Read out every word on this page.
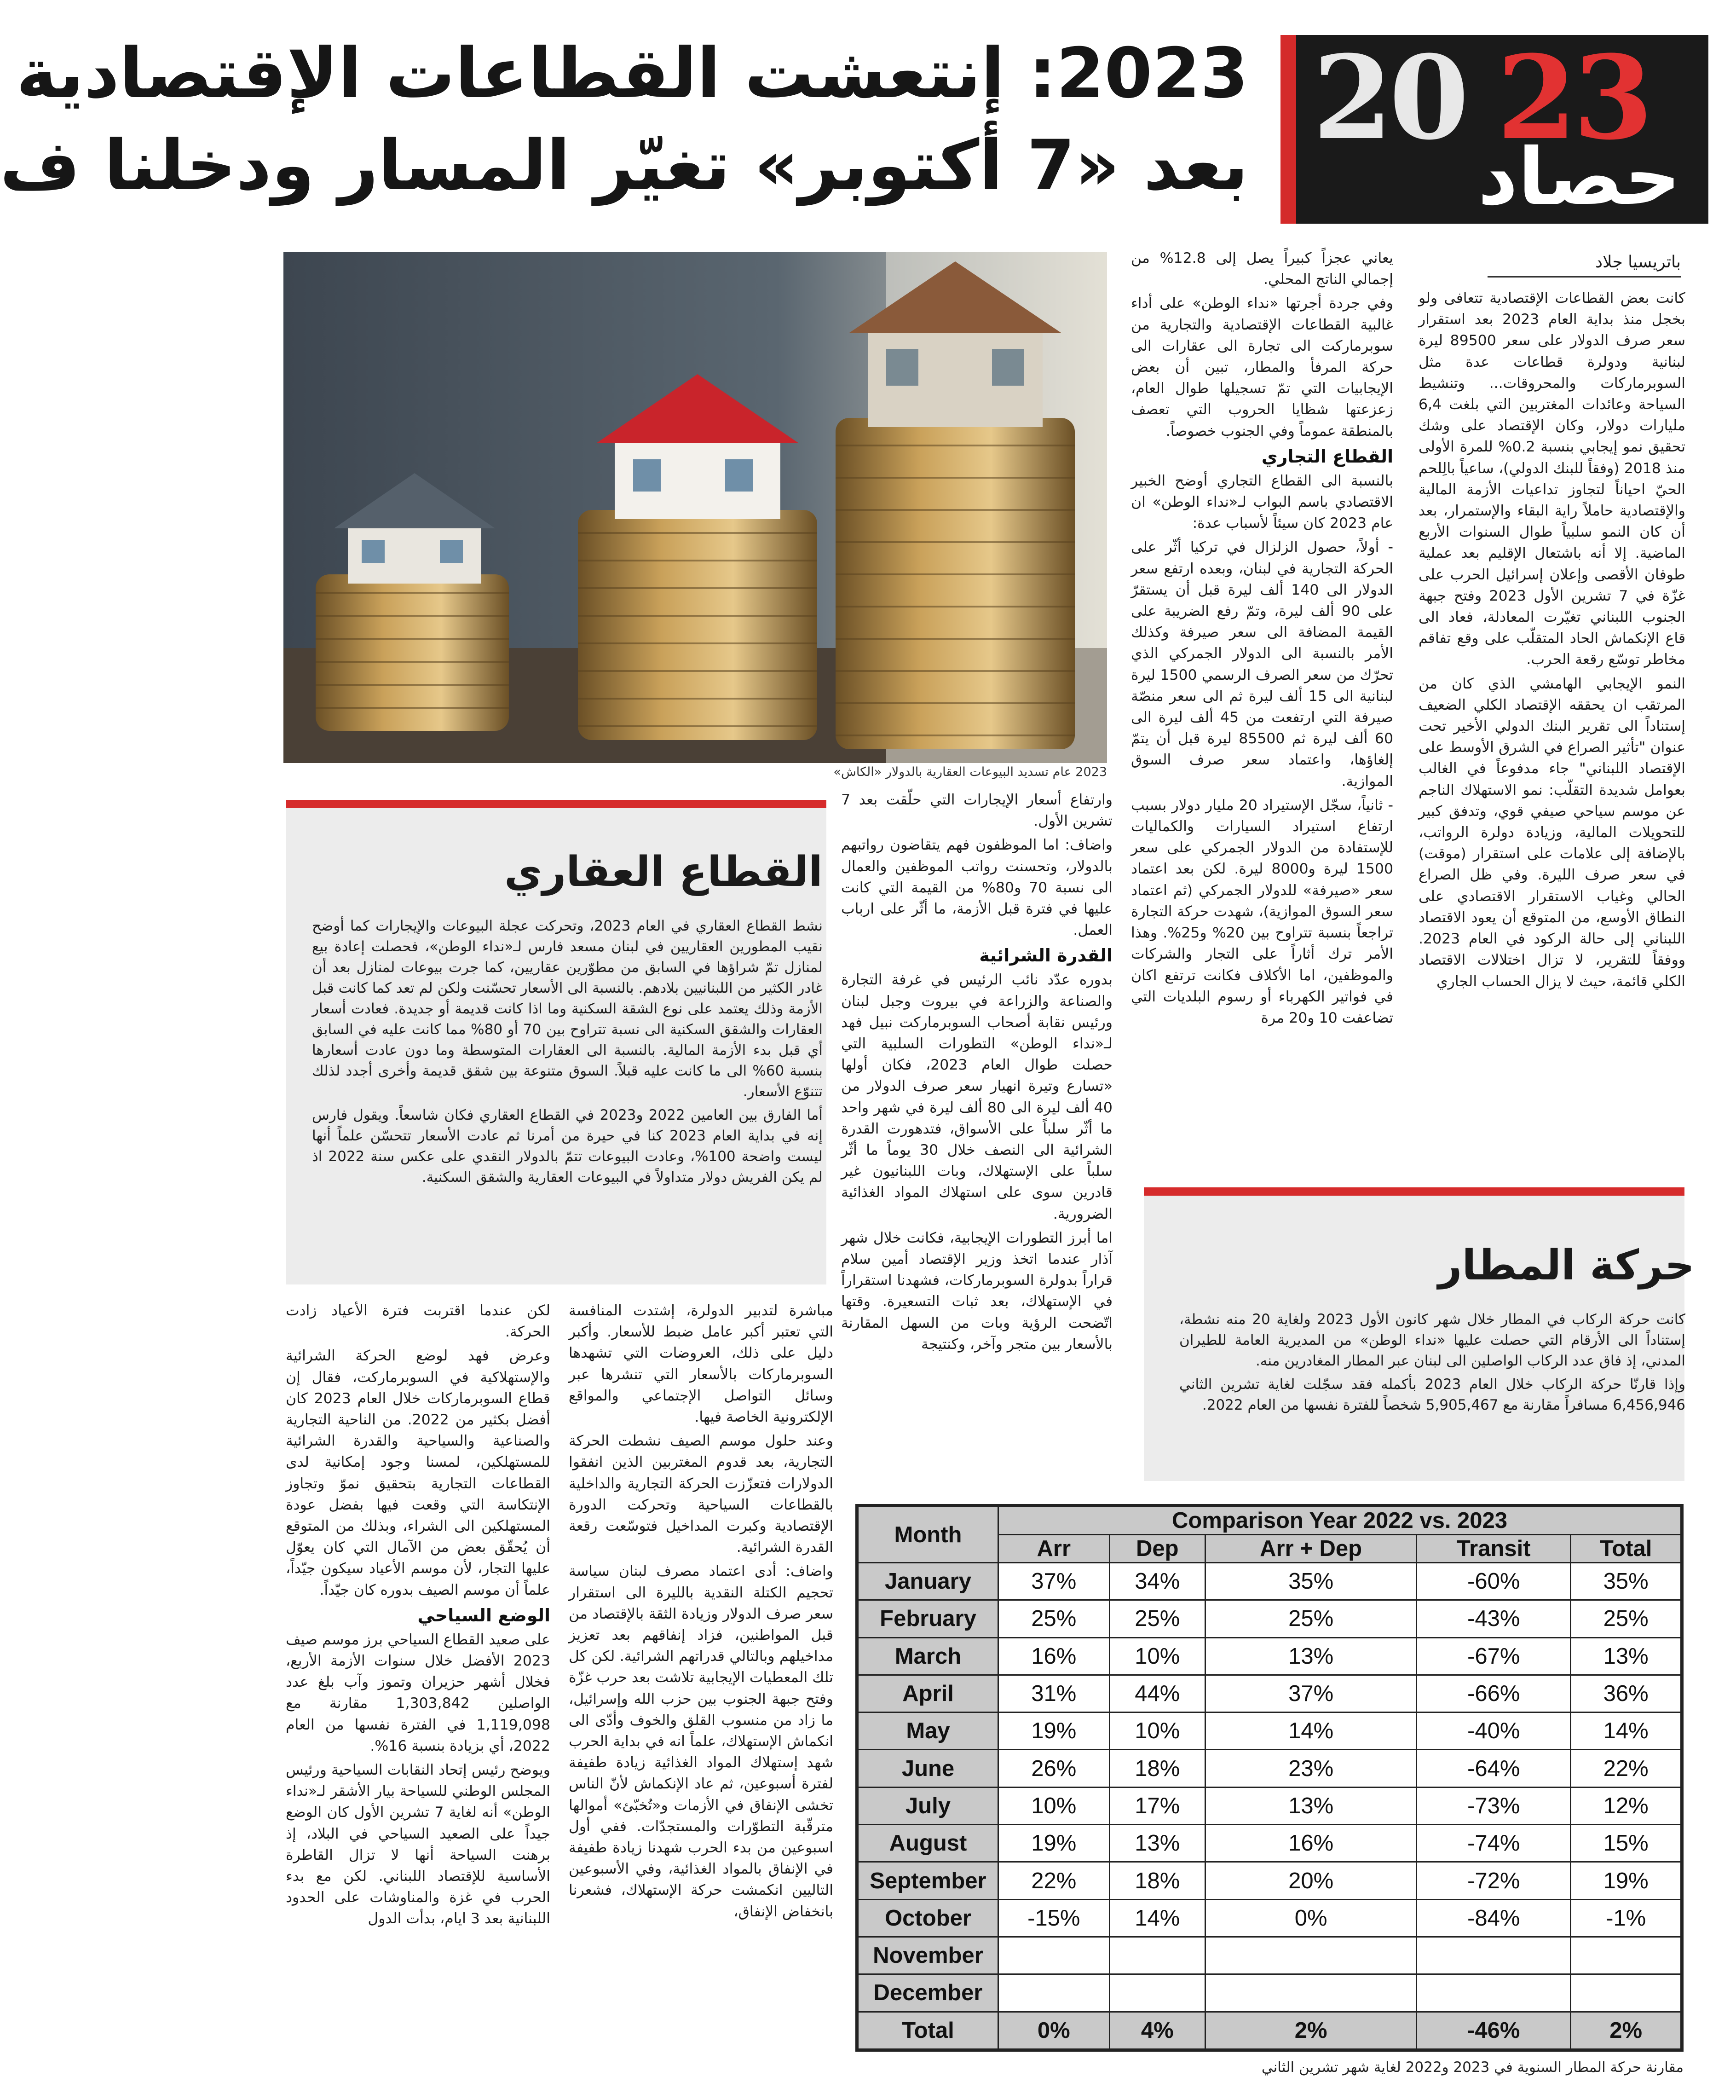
20 23
حصاد
2023: إنتعشت القطاعات الإقتصادية
بعد «7 أكتوبر» تغيّر المسار ودخلنا ف
باتريسيا جلاد

كانت بعض القطاعات الإقتصادية تتعافى ولو بخجل منذ بداية العام 2023 بعد استقرار سعر صرف الدولار على سعر 89500 ليرة لبنانية ودولرة قطاعات عدة مثل السوبرماركات والمحروقات... وتنشيط السياحة وعائدات المغتربين التي بلغت 6,4 مليارات دولار، وكان الإقتصاد على وشك تحقيق نمو إيجابي بنسبة 0.2% للمرة الأولى منذ 2018 (وفقاً للبنك الدولي)، ساعياً بالِلحم الحيّ احياناً لتجاوز تداعيات الأزمة المالية والإقتصادية حاملاً راية البقاء والإستمرار، بعد أن كان النمو سلبياً طوال السنوات الأربع الماضية. إلا أنه باشتعال الإقليم بعد عملية طوفان الأقصى وإعلان إسرائيل الحرب على غزّة في 7 تشرين الأول 2023 وفتح جبهة الجنوب اللبناني تغيّرت المعادلة، فعاد الى قاع الإنكماش الحاد المتقلّب على وقع تفاقم مخاطر توسّع رقعة الحرب.

النمو الإيجابي الهامشي الذي كان من المرتقب ان يحققه الإقتصاد الكلي الضعيف إستناداً الى تقرير البنك الدولي الأخير تحت عنوان "تأثير الصراع في الشرق الأوسط على الإقتصاد اللبناني" جاء مدفوعاً في الغالب بعوامل شديدة التقلّب: نمو الاستهلاك الناجم عن موسم سياحي صيفي قوي، وتدفق كبير للتحويلات المالية، وزيادة دولرة الرواتب، بالإضافة إلى علامات على استقرار (موقت) في سعر صرف الليرة. وفي ظل الصراع الحالي وغياب الاستقرار الاقتصادي على النطاق الأوسع، من المتوقع أن يعود الاقتصاد اللبناني إلى حالة الركود في العام 2023. ووفقاً للتقرير، لا تزال اختلالات الاقتصاد الكلي قائمة، حيث لا يزال الحساب الجاري

يعاني عجزاً كبيراً يصل إلى 12.8% من إجمالي الناتج المحلي.

وفي جردة أجرتها «نداء الوطن» على أداء غالبية القطاعات الإقتصادية والتجارية من سوبرماركت الى تجارة الى عقارات الى حركة المرفأ والمطار، تبين أن بعض الإيجابيات التي تمّ تسجيلها طوال العام، زعزعتها شظايا الحروب التي تعصف بالمنطقة عموماً وفي الجنوب خصوصاً.

القطاع التجاري

بالنسبة الى القطاع التجاري أوضح الخبير الاقتصادي باسم البواب لـ«نداء الوطن» ان عام 2023 كان سيئاً لأسباب عدة:

- أولاً، حصول الزلزال في تركيا أثّر على الحركة التجارية في لبنان، وبعده ارتفع سعر الدولار الى 140 ألف ليرة قبل أن يستقرّ على 90 ألف ليرة، وتمّ رفع الضريبة على القيمة المضافة الى سعر صيرفة وكذلك الأمر بالنسبة الى الدولار الجمركي الذي تحرّك من سعر الصرف الرسمي 1500 ليرة لبنانية الى 15 ألف ليرة ثم الى سعر منصّة صيرفة التي ارتفعت من 45 ألف ليرة الى 60 ألف ليرة ثم 85500 ليرة قبل أن يتمّ إلغاؤها، واعتماد سعر صرف السوق الموازية.

- ثانياً، سجّل الإستيراد 20 مليار دولار بسبب ارتفاع استيراد السيارات والكماليات للإستفادة من الدولار الجمركي على سعر 1500 ليرة و8000 ليرة. لكن بعد اعتماد سعر «صيرفة» للدولار الجمركي (ثم اعتماد سعر السوق الموازية)، شهدت حركة التجارة تراجعاً بنسبة تتراوح بين 20% و25%. وهذا الأمر ترك أثاراً على التجار والشركات والموظفين، اما الأكلاف فكانت ترتفع اكان في فواتير الكهرباء أو رسوم البلديات التي تضاعفت 10 و20 مرة

2023 عام تسديد البيوعات العقارية بالدولار «الكاش»

وارتفاع أسعار الإيجارات التي حلّقت بعد 7 تشرين الأول.

واضاف: اما الموظفون فهم يتقاضون رواتبهم بالدولار، وتحسنت رواتب الموظفين والعمال الى نسبة 70 و80% من القيمة التي كانت عليها في فترة قبل الأزمة، ما أثّر على ارباب العمل.

القدرة الشرائية

بدوره عدّد نائب الرئيس في غرفة التجارة والصناعة والزراعة في بيروت وجبل لبنان ورئيس نقابة أصحاب السوبرماركت نبيل فهد لـ«نداء الوطن» التطورات السلبية التي حصلت طوال العام 2023، فكان أولها «تسارع وتيرة انهيار سعر صرف الدولار من 40 ألف ليرة الى 80 ألف ليرة في شهر واحد ما أثّر سلباً على الأسواق، فتدهورت القدرة الشرائية الى النصف خلال 30 يوماً ما أثّر سلباً على الإستهلاك، وبات اللبنانيون غير قادرين سوى على استهلاك المواد الغذائية الضرورية.

اما أبرز التطورات الإيجابية، فكانت خلال شهر آذار عندما اتخذ وزير الإقتصاد أمين سلام قراراً بدولرة السوبرماركات، فشهدنا استقراراً في الإستهلاك، بعد ثبات التسعيرة. وقتها اتّضحت الرؤية وبات من السهل المقارنة بالأسعار بين متجر وآخر، وكنتيجة

القطاع العقاري

نشط القطاع العقاري في العام 2023، وتحركت عجلة البيوعات والإيجارات كما أوضح نقيب المطورين العقاريين في لبنان مسعد فارس لـ«نداء الوطن»، فحصلت إعادة بيع لمنازل تمّ شراؤها في السابق من مطوّرين عقاريين، كما جرت بيوعات لمنازل بعد أن غادر الكثير من اللبنانيين بلادهم. بالنسبة الى الأسعار تحسّنت ولكن لم تعد كما كانت قبل الأزمة وذلك يعتمد على نوع الشقة السكنية وما اذا كانت قديمة أو جديدة. فعادت أسعار العقارات والشقق السكنية الى نسبة تتراوح بين 70 أو 80% مما كانت عليه في السابق أي قبل بدء الأزمة المالية. بالنسبة الى العقارات المتوسطة وما دون عادت أسعارها بنسبة 60% الى ما كانت عليه قبلاً. السوق متنوعة بين شقق قديمة وأخرى أجدد لذلك تتنوّع الأسعار.

أما الفارق بين العامين 2022 و2023 في القطاع العقاري فكان شاسعاً. ويقول فارس إنه في بداية العام 2023 كنا في حيرة من أمرنا ثم عادت الأسعار تتحسّن علماً أنها ليست واضحة 100%، وعادت البيوعات تتمّ بالدولار النقدي على عكس سنة 2022 اذ لم يكن الفريش دولار متداولاً في البيوعات العقارية والشقق السكنية.

حركة المطار

كانت حركة الركاب في المطار خلال شهر كانون الأول 2023 ولغاية 20 منه نشطة، إستناداً الى الأرقام التي حصلت عليها «نداء الوطن» من المديرية العامة للطيران المدني، إذ فاق عدد الركاب الواصلين الى لبنان عبر المطار المغادرين منه.

وإذا قارنّا حركة الركاب خلال العام 2023 بأكمله فقد سجّلت لغاية تشرين الثاني 6,456,946 مسافراً مقارنة مع 5,905,467 شخصاً للفترة نفسها من العام 2022.

مباشرة لتدبير الدولرة، إشتدت المنافسة التي تعتبر أكبر عامل ضبط للأسعار. وأكبر دليل على ذلك، العروضات التي تشهدها السوبرماركات بالأسعار التي تنشرها عبر وسائل التواصل الإجتماعي والمواقع الإلكترونية الخاصة فيها.

وعند حلول موسم الصيف نشطت الحركة التجارية، بعد قدوم المغتربين الذين انفقوا الدولارات فتعزّزت الحركة التجارية والداخلية بالقطاعات السياحية وتحركت الدورة الإقتصادية وكبرت المداخيل فتوسّعت رقعة القدرة الشرائية.

واضاف: أدى اعتماد مصرف لبنان سياسة تحجيم الكتلة النقدية بالليرة الى استقرار سعر صرف الدولار وزيادة الثقة بالإقتصاد من قبل المواطنين، فزاد إنفاقهم بعد تعزيز مداخيلهم وبالتالي قدراتهم الشرائية. لكن كل تلك المعطيات الإيجابية تلاشت بعد حرب غزّة وفتح جبهة الجنوب بين حزب الله وإسرائيل، ما زاد من منسوب القلق والخوف وأدّى الى انكماش الإستهلاك، علماً انه في بداية الحرب شهد إستهلاك المواد الغذائية زيادة طفيفة لفترة أسبوعين، ثم عاد الإنكماش لأنّ الناس تخشى الإنفاق في الأزمات و«تُخبّئ» أموالها مترقّبة التطوّرات والمستجدّات. ففي أول اسبوعين من بدء الحرب شهدنا زيادة طفيفة في الإنفاق بالمواد الغذائية، وفي الأسبوعين التاليين انكمشت حركة الإستهلاك، فشعرنا بانخفاض الإنفاق،

لكن عندما اقتربت فترة الأعياد زادت الحركة.

وعرض فهد لوضع الحركة الشرائية والإستهلاكية في السوبرماركت، فقال إن قطاع السوبرماركات خلال العام 2023 كان أفضل بكثير من 2022. من الناحية التجارية والصناعية والسياحية والقدرة الشرائية للمستهلكين، لمسنا وجود إمكانية لدى القطاعات التجارية بتحقيق نموّ وتجاوز الإنتكاسة التي وقعت فيها بفضل عودة المستهلكين الى الشراء، وبذلك من المتوقع أن يُحقّق بعض من الآمال التي كان يعوّل عليها التجار، لأن موسم الأعياد سيكون جيّداً، علماً أن موسم الصيف بدوره كان جيّداً.

الوضع السياحي

على صعيد القطاع السياحي برز موسم صيف 2023 الأفضل خلال سنوات الأزمة الأربع، فخلال أشهر حزيران وتموز وآب بلغ عدد الواصلين 1,303,842 مقارنة مع 1,119,098 في الفترة نفسها من العام 2022، أي بزيادة بنسبة 16%.

ويوضح رئيس إتحاد النقابات السياحية ورئيس المجلس الوطني للسياحة بيار الأشقر لـ«نداء الوطن» أنه لغاية 7 تشرين الأول كان الوضع جيداً على الصعيد السياحي في البلاد، إذ برهنت السياحة أنها لا تزال القاطرة الأساسية للإقتصاد اللبناني. لكن مع بدء الحرب في غزة والمناوشات على الحدود اللبنانية بعد 3 ايام، بدأت الدول

Month	Comparison Year 2022 vs. 2023				
	Arr	Dep	Arr + Dep	Transit	Total
January	37%	34%	35%	-60%	35%
February	25%	25%	25%	-43%	25%
March	16%	10%	13%	-67%	13%
April	31%	44%	37%	-66%	36%
May	19%	10%	14%	-40%	14%
June	26%	18%	23%	-64%	22%
July	10%	17%	13%	-73%	12%
August	19%	13%	16%	-74%	15%
September	22%	18%	20%	-72%	19%
October	-15%	14%	0%	-84%	-1%
November					
December					
Total	0%	4%	2%	-46%	2%
مقارنة حركة المطار السنوية في 2023 و2022 لغاية شهر تشرين الثاني
